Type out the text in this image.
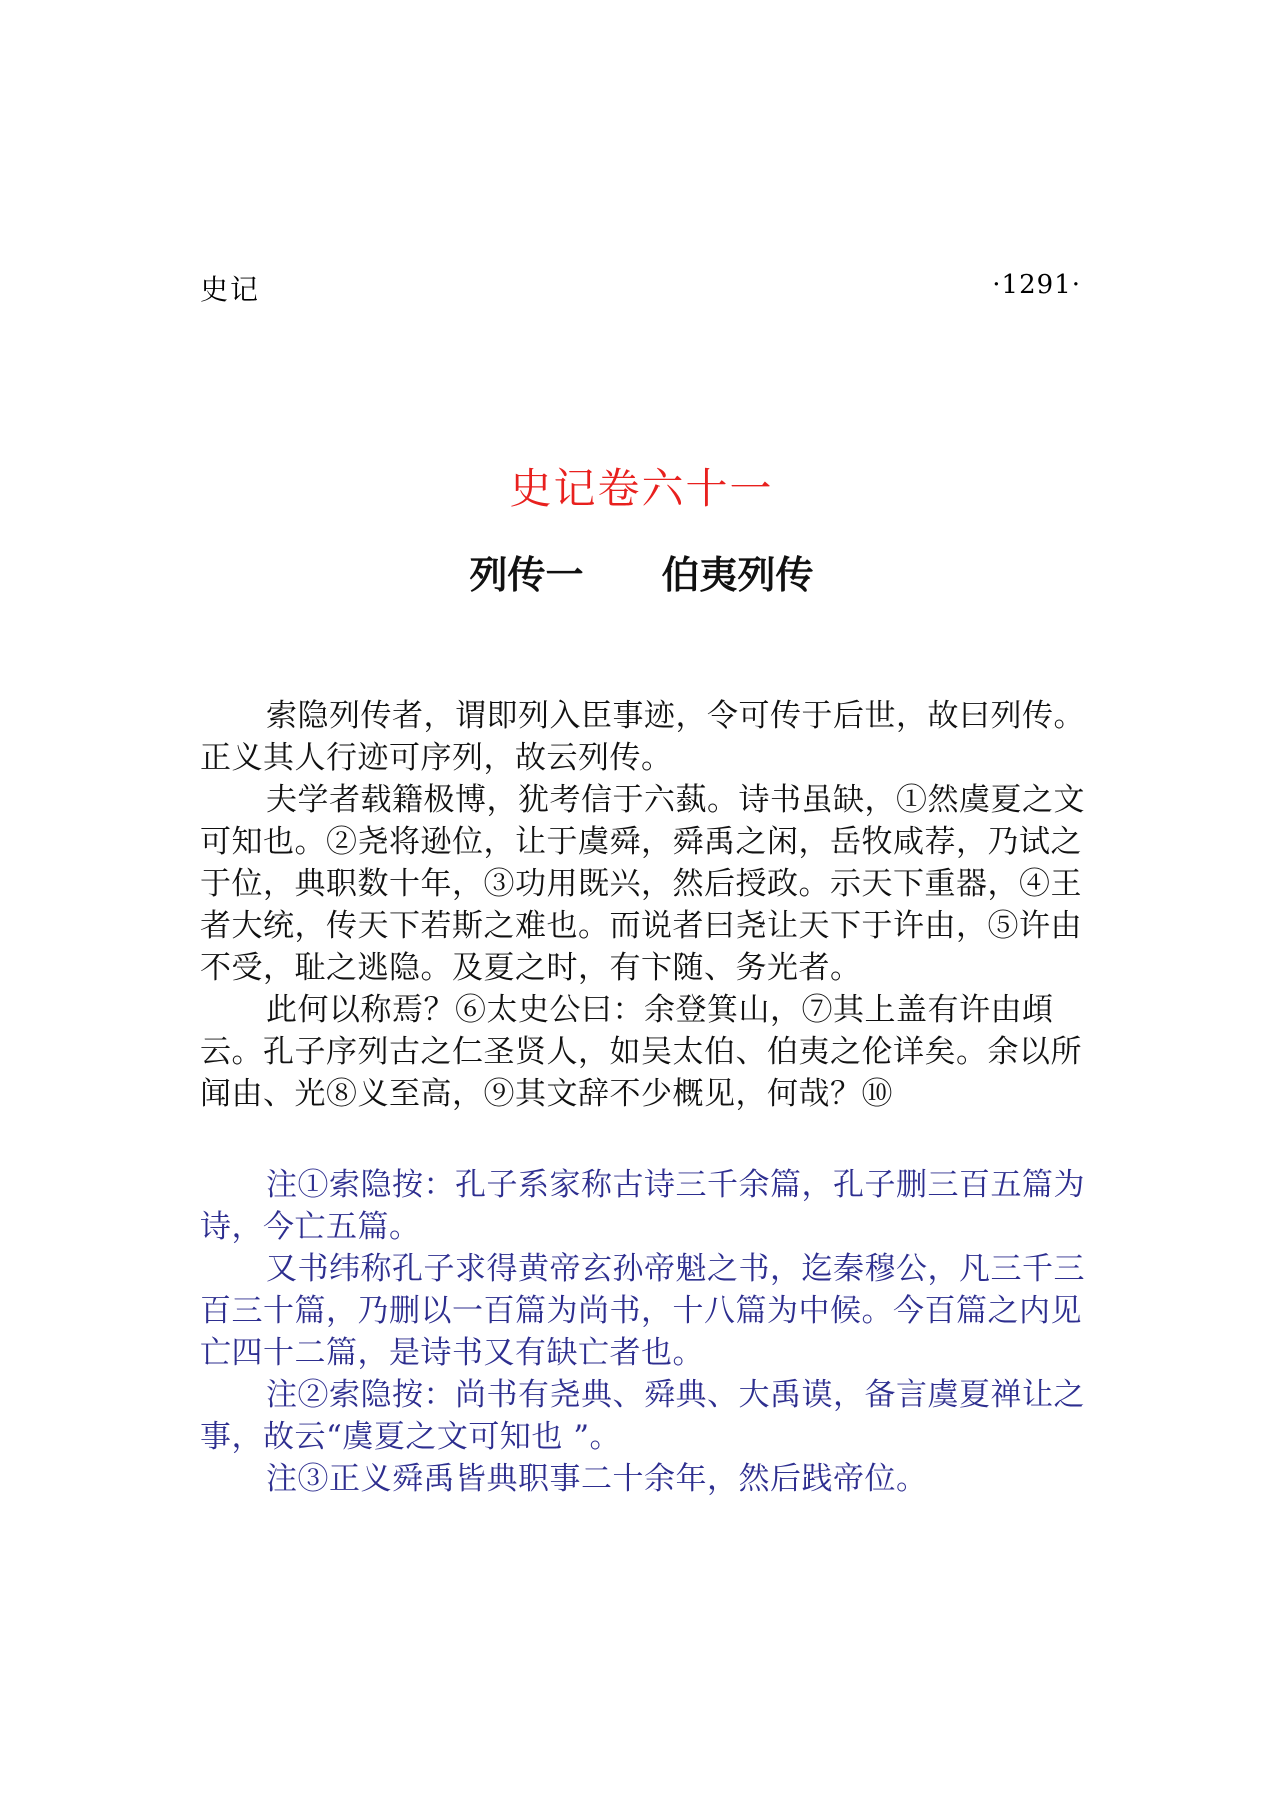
史记	·1291·
史记卷六十一
列传一 伯夷列传

索隐列传者，谓即列入臣事迹，令可传于后世，故曰列传。正义其人行迹可序列，故云列传。

夫学者载籍极博，犹考信于六蓺。诗书虽缺，①然虞夏之文可知也。②尧将逊位，让于虞舜，舜禹之闲，岳牧咸荐，乃试之于位，典职数十年，③功用既兴，然后授政。示天下重器，④王者大统，传天下若斯之难也。而说者曰尧让天下于许由，⑤许由不受，耻之逃隐。及夏之时，有卞随、务光者。

此何以称焉？⑥太史公曰：余登箕山，⑦其上盖有许由頉云。孔子序列古之仁圣贤人，如吴太伯、伯夷之伦详矣。余以所闻由、光⑧义至高，⑨其文辞不少概见，何哉？⑩

注①索隐按：孔子系家称古诗三千余篇，孔子删三百五篇为诗，今亡五篇。

又书纬称孔子求得黄帝玄孙帝魁之书，迄秦穆公，凡三千三百三十篇，乃删以一百篇为尚书，十八篇为中候。今百篇之内见亡四十二篇，是诗书又有缺亡者也。

注②索隐按：尚书有尧典、舜典、大禹谟，备言虞夏禅让之事，故云“虞夏之文可知也 ”。

注③正义舜禹皆典职事二十余年，然后践帝位。
